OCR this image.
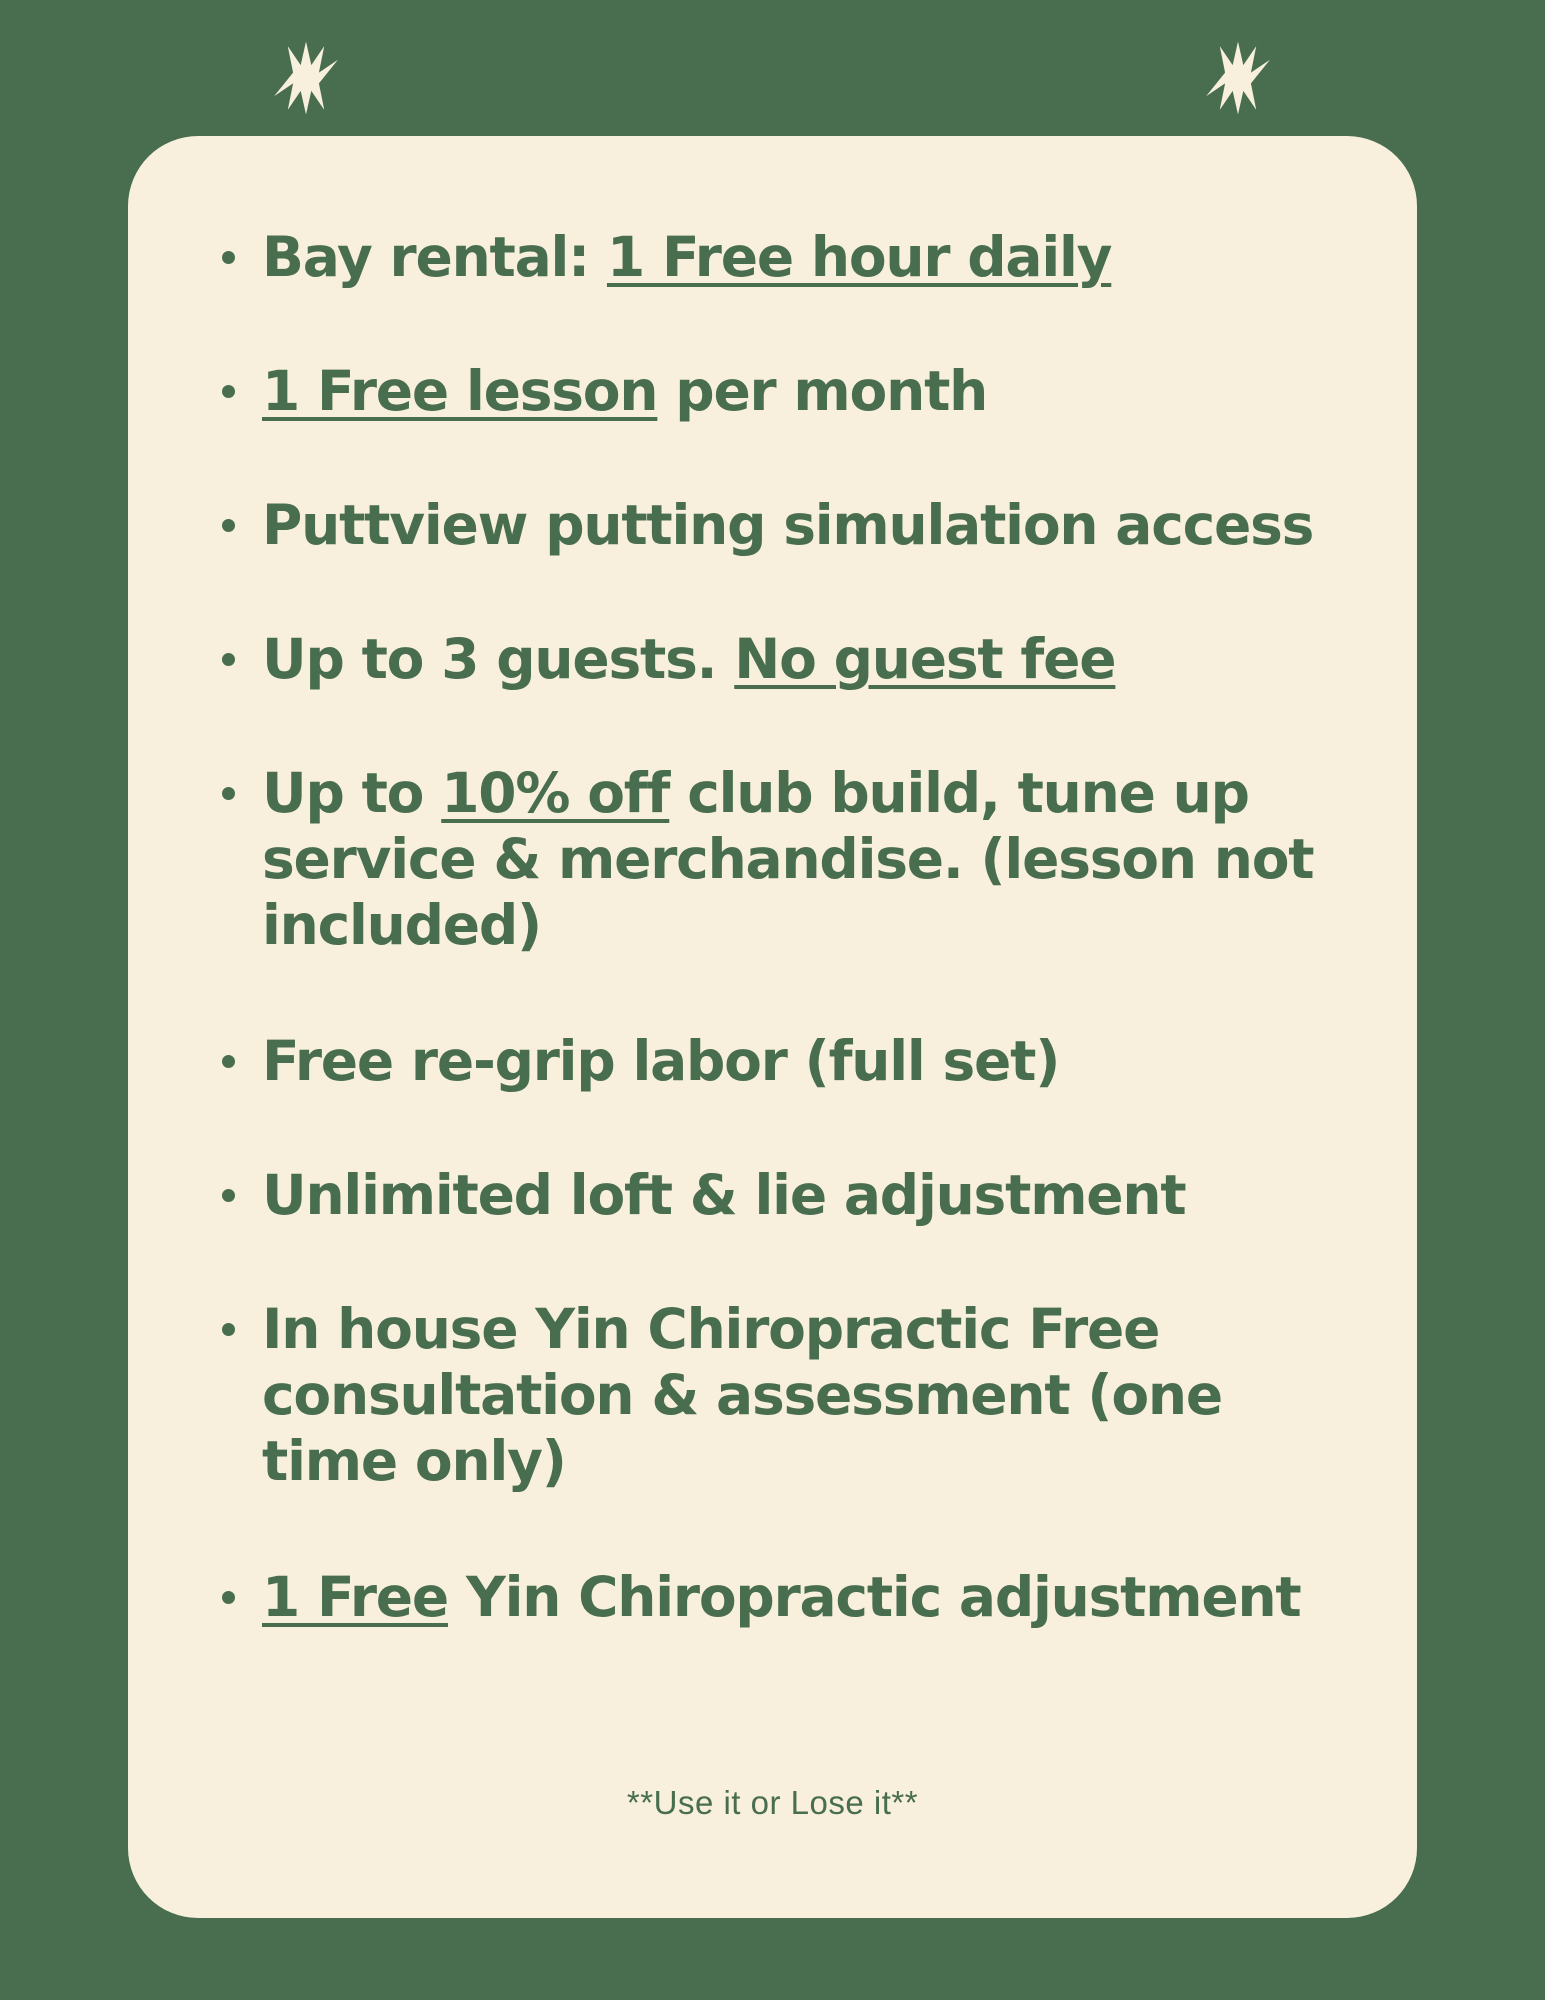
Bay rental: 1 Free hour daily
1 Free lesson per month
Puttview putting simulation access
Up to 3 guests. No guest fee
Up to 10% off club build, tune up service & merchandise. (lesson not included)
Free re-grip labor (full set)
Unlimited loft & lie adjustment
In house Yin Chiropractic Free consultation & assessment (one time only)
1 Free Yin Chiropractic adjustment
**Use it or Lose it**
